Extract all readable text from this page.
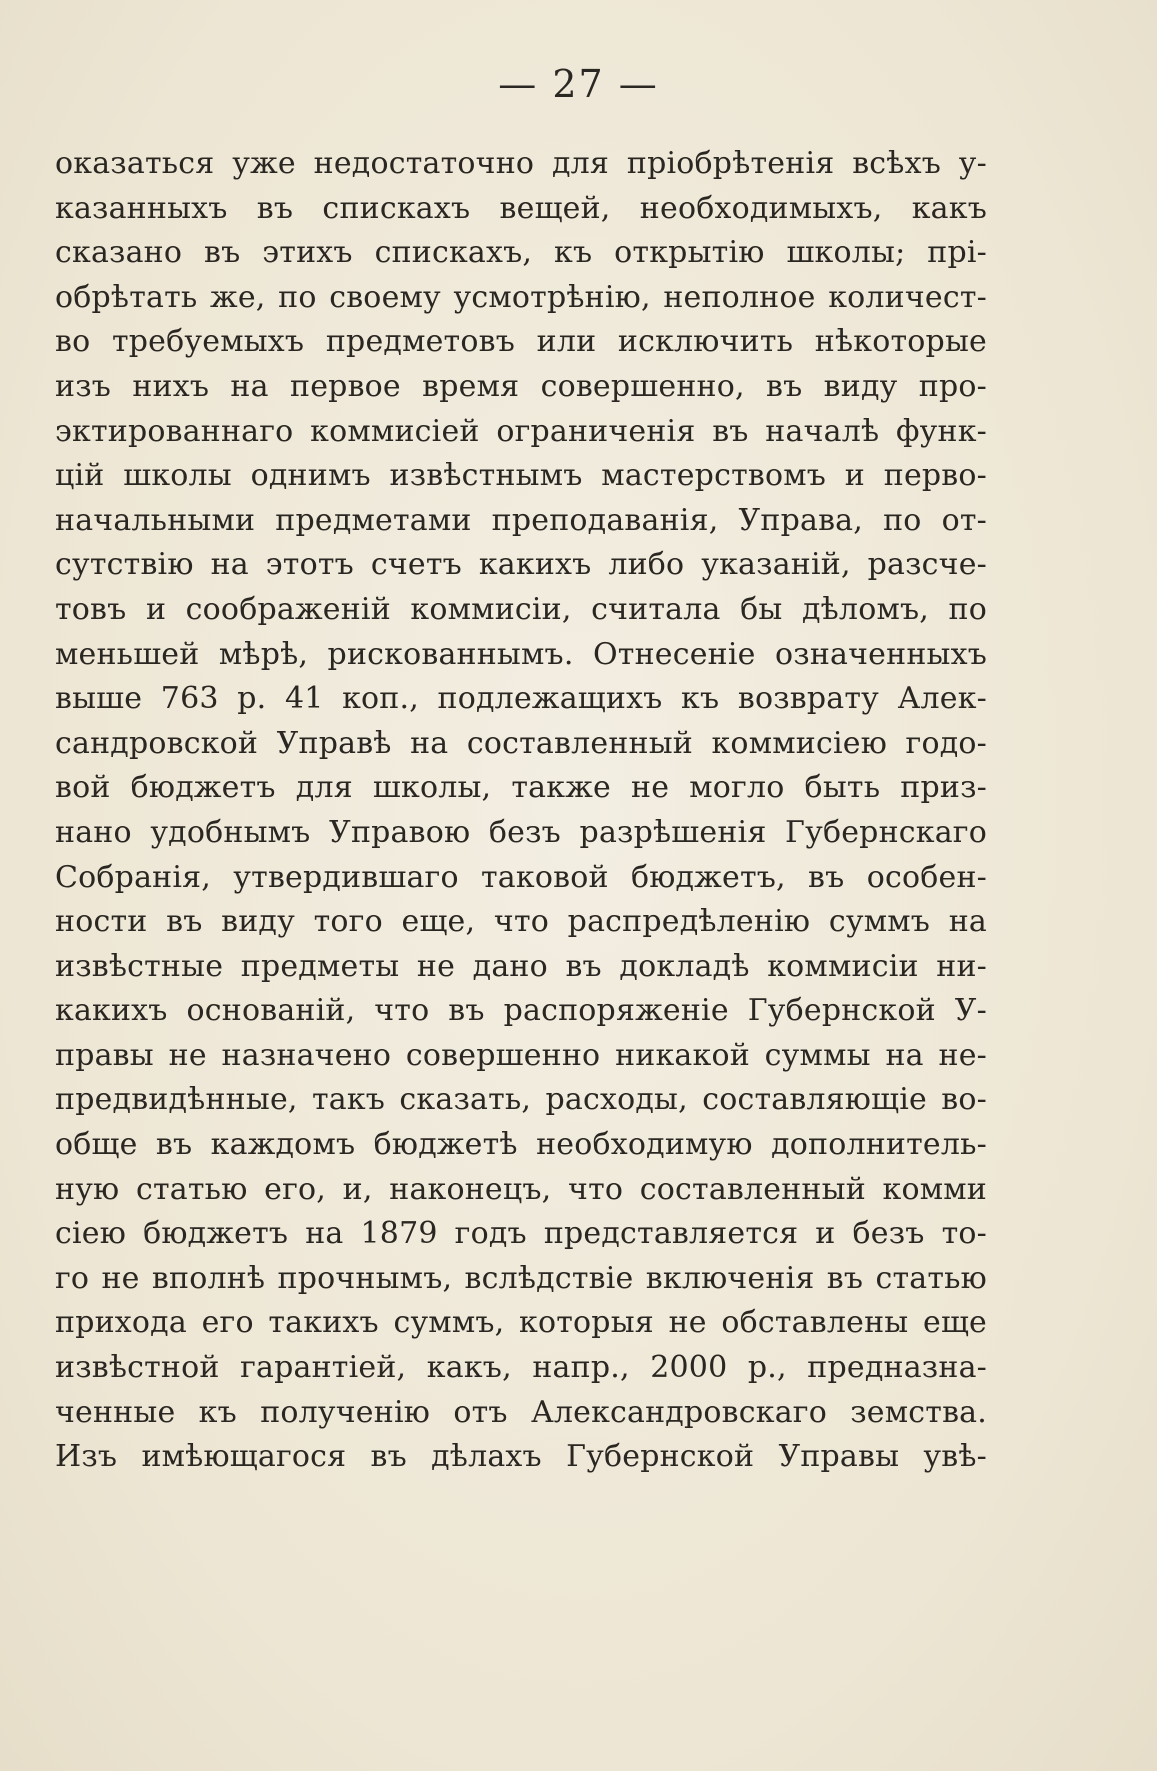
— 27 —
оказаться уже недостаточно для пріобрѣтенія всѣхъ у-
казанныхъ въ спискахъ вещей, необходимыхъ, какъ
сказано въ этихъ спискахъ, къ открытію школы; прі-
обрѣтать же, по своему усмотрѣнію, неполное количест-
во требуемыхъ предметовъ или исключить нѣкоторые
изъ нихъ на первое время совершенно, въ виду про-
эктированнаго коммисіей ограниченія въ началѣ функ-
цій школы однимъ извѣстнымъ мастерствомъ и перво-
начальными предметами преподаванія, Управа, по от-
сутствію на этотъ счетъ какихъ либо указаній, разсче-
товъ и соображеній коммисіи, считала бы дѣломъ, по
меньшей мѣрѣ, рискованнымъ. Отнесеніе означенныхъ
выше 763 р. 41 коп., подлежащихъ къ возврату Алек-
сандровской Управѣ на составленный коммисіею годо-
вой бюджетъ для школы, также не могло быть приз-
нано удобнымъ Управою безъ разрѣшенія Губернскаго
Собранія, утвердившаго таковой бюджетъ, въ особен-
ности въ виду того еще, что распредѣленію суммъ на
извѣстные предметы не дано въ докладѣ коммисіи ни-
какихъ основаній, что въ распоряженіе Губернской У-
правы не назначено совершенно никакой суммы на не-
предвидѣнные, такъ сказать, расходы, составляющіе во-
обще въ каждомъ бюджетѣ необходимую дополнитель-
ную статью его, и, наконецъ, что составленный комми
сіею бюджетъ на 1879 годъ представляется и безъ то-
го не вполнѣ прочнымъ, вслѣдствіе включенія въ статью
прихода его такихъ суммъ, которыя не обставлены еще
извѣстной гарантіей, какъ, напр., 2000 р., предназна-
ченные къ полученію отъ Александровскаго земства.
Изъ имѣющагося въ дѣлахъ Губернской Управы увѣ-
